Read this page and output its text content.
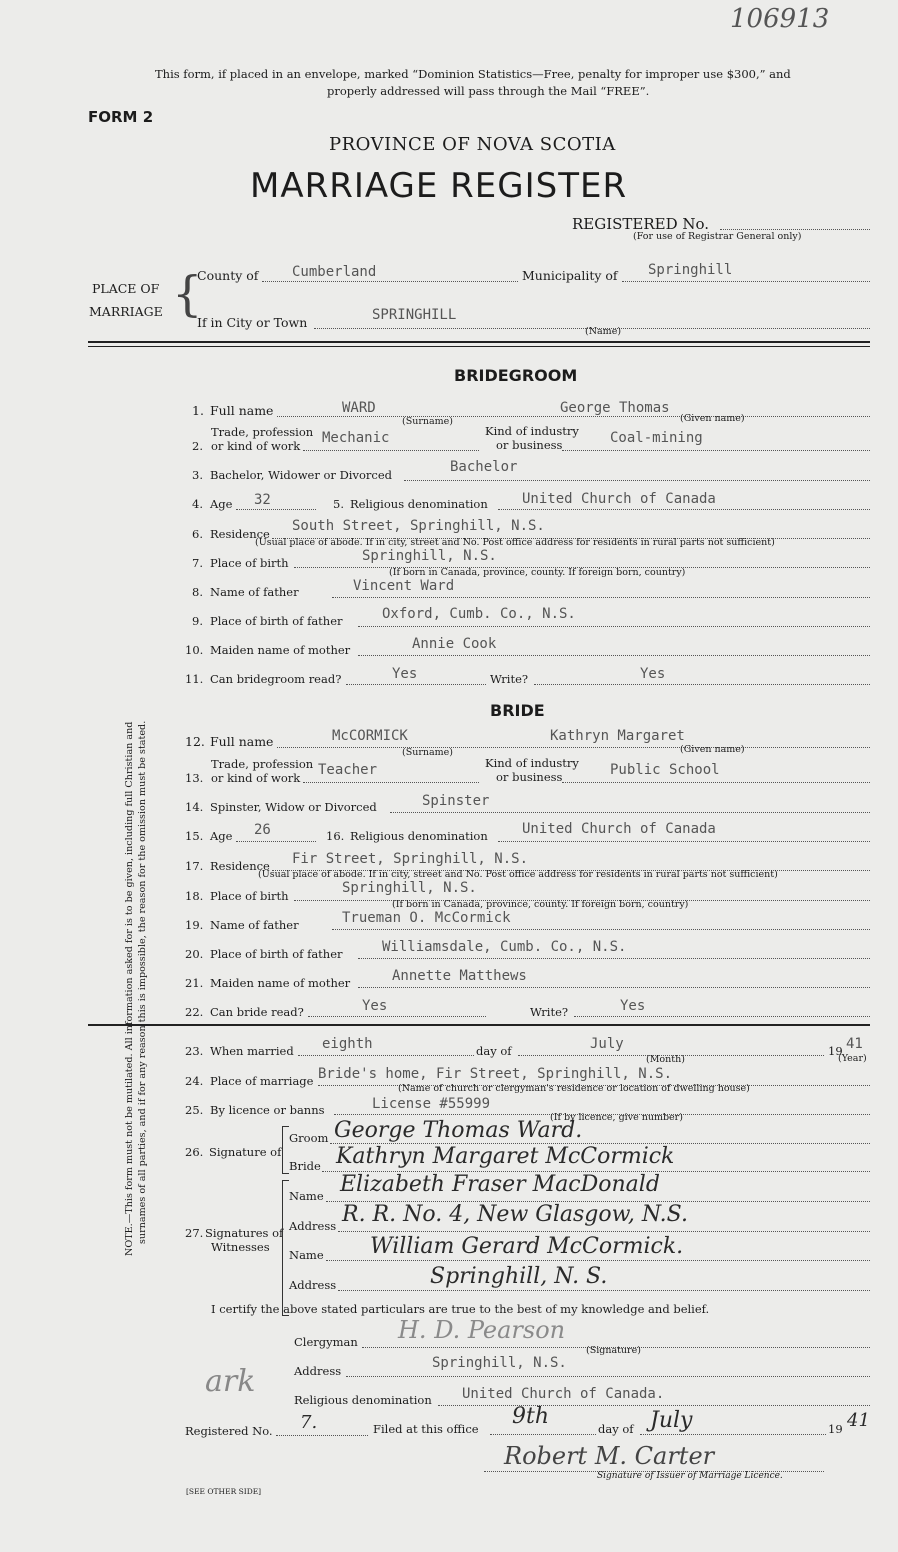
106913
This form, if placed in an envelope, marked “Dominion Statistics—Free, penalty for improper use $300,” and
properly addressed will pass through the Mail “FREE”.
FORM 2
PROVINCE OF NOVA SCOTIA
MARRIAGE REGISTER
REGISTERED No.
(For use of Registrar General only)
PLACE OF
MARRIAGE {
County of Cumberland	Municipality of Springhill
If in City or Town	SPRINGHILL
(Name)
BRIDEGROOM
1. Full name	WARD	George Thomas
(Surname)	(Given name)
2.
Trade, profession
or kind of work Mechanic	Kind of industry
or business	Coal-mining
3. Bachelor, Widower or Divorced	Bachelor
4. Age 32	5. Religious denomination United Church of Canada
6. Residence South Street, Springhill, N.S.
(Usual place of abode. If in city, street and No. Post office address for residents in rural parts not sufficient)
7. Place of birth	Springhill, N.S.
(If born in Canada, province, county. If foreign born, country)
8. Name of father	Vincent Ward
9. Place of birth of father	Oxford, Cumb. Co., N.S.
10. Maiden name of mother	Annie Cook
11. Can bridegroom read?	Yes	Write?	Yes
BRIDE
12. Full name	McCORMICK	Kathryn Margaret
(Surname)	(Given name)
13.
Trade, profession
or kind of work Teacher	Kind of industry
or business	Public School
14. Spinster, Widow or Divorced	Spinster
15. Age 26	16. Religious denomination United Church of Canada
17. Residence Fir Street, Springhill, N.S.
(Usual place of abode. If in city, street and No. Post office address for residents in rural parts not sufficient)
18. Place of birth	Springhill, N.S.
(If born in Canada, province, county. If foreign born, country)
19. Name of father	Trueman O. McCormick
20. Place of birth of father	Williamsdale, Cumb. Co., N.S.
21. Maiden name of mother	Annette Matthews
22. Can bride read?	Yes	Write?	Yes
23. When married eighth	day of	July
(Month)
19 41
(Year)
24. Place of marriage Bride's home, Fir Street, Springhill, N.S.
(Name of church or clergyman's residence or location of dwelling house)
25. By licence or banns	License #55999
(If by licence, give number)
26. Signature of
Groom George Thomas Ward.
Bride Kathryn Margaret McCormick
27. Signatures of
Witnesses
Name Elizabeth Fraser MacDonald
Address R. R. No. 4, New Glasgow, N.S.
Name William Gerard McCormick.
Address	Springhill, N. S.
I certify the above stated particulars are true to the best of my knowledge and belief.
Clergyman H. D. Pearson
(Signature)
Address	Springhill, N.S.
Religious denomination United Church of Canada.
ark
Registered No. 7.	Filed at this office 9th	day of July	19 41
Robert M. Carter
Signature of Issuer of Marriage Licence.
NOTE.—This form must not be mutilated. All information asked for is to be given, including full Christian and surnames of all parties, and if for any reason this is impossible, the reason for the omission must be stated.
[SEE OTHER SIDE]
